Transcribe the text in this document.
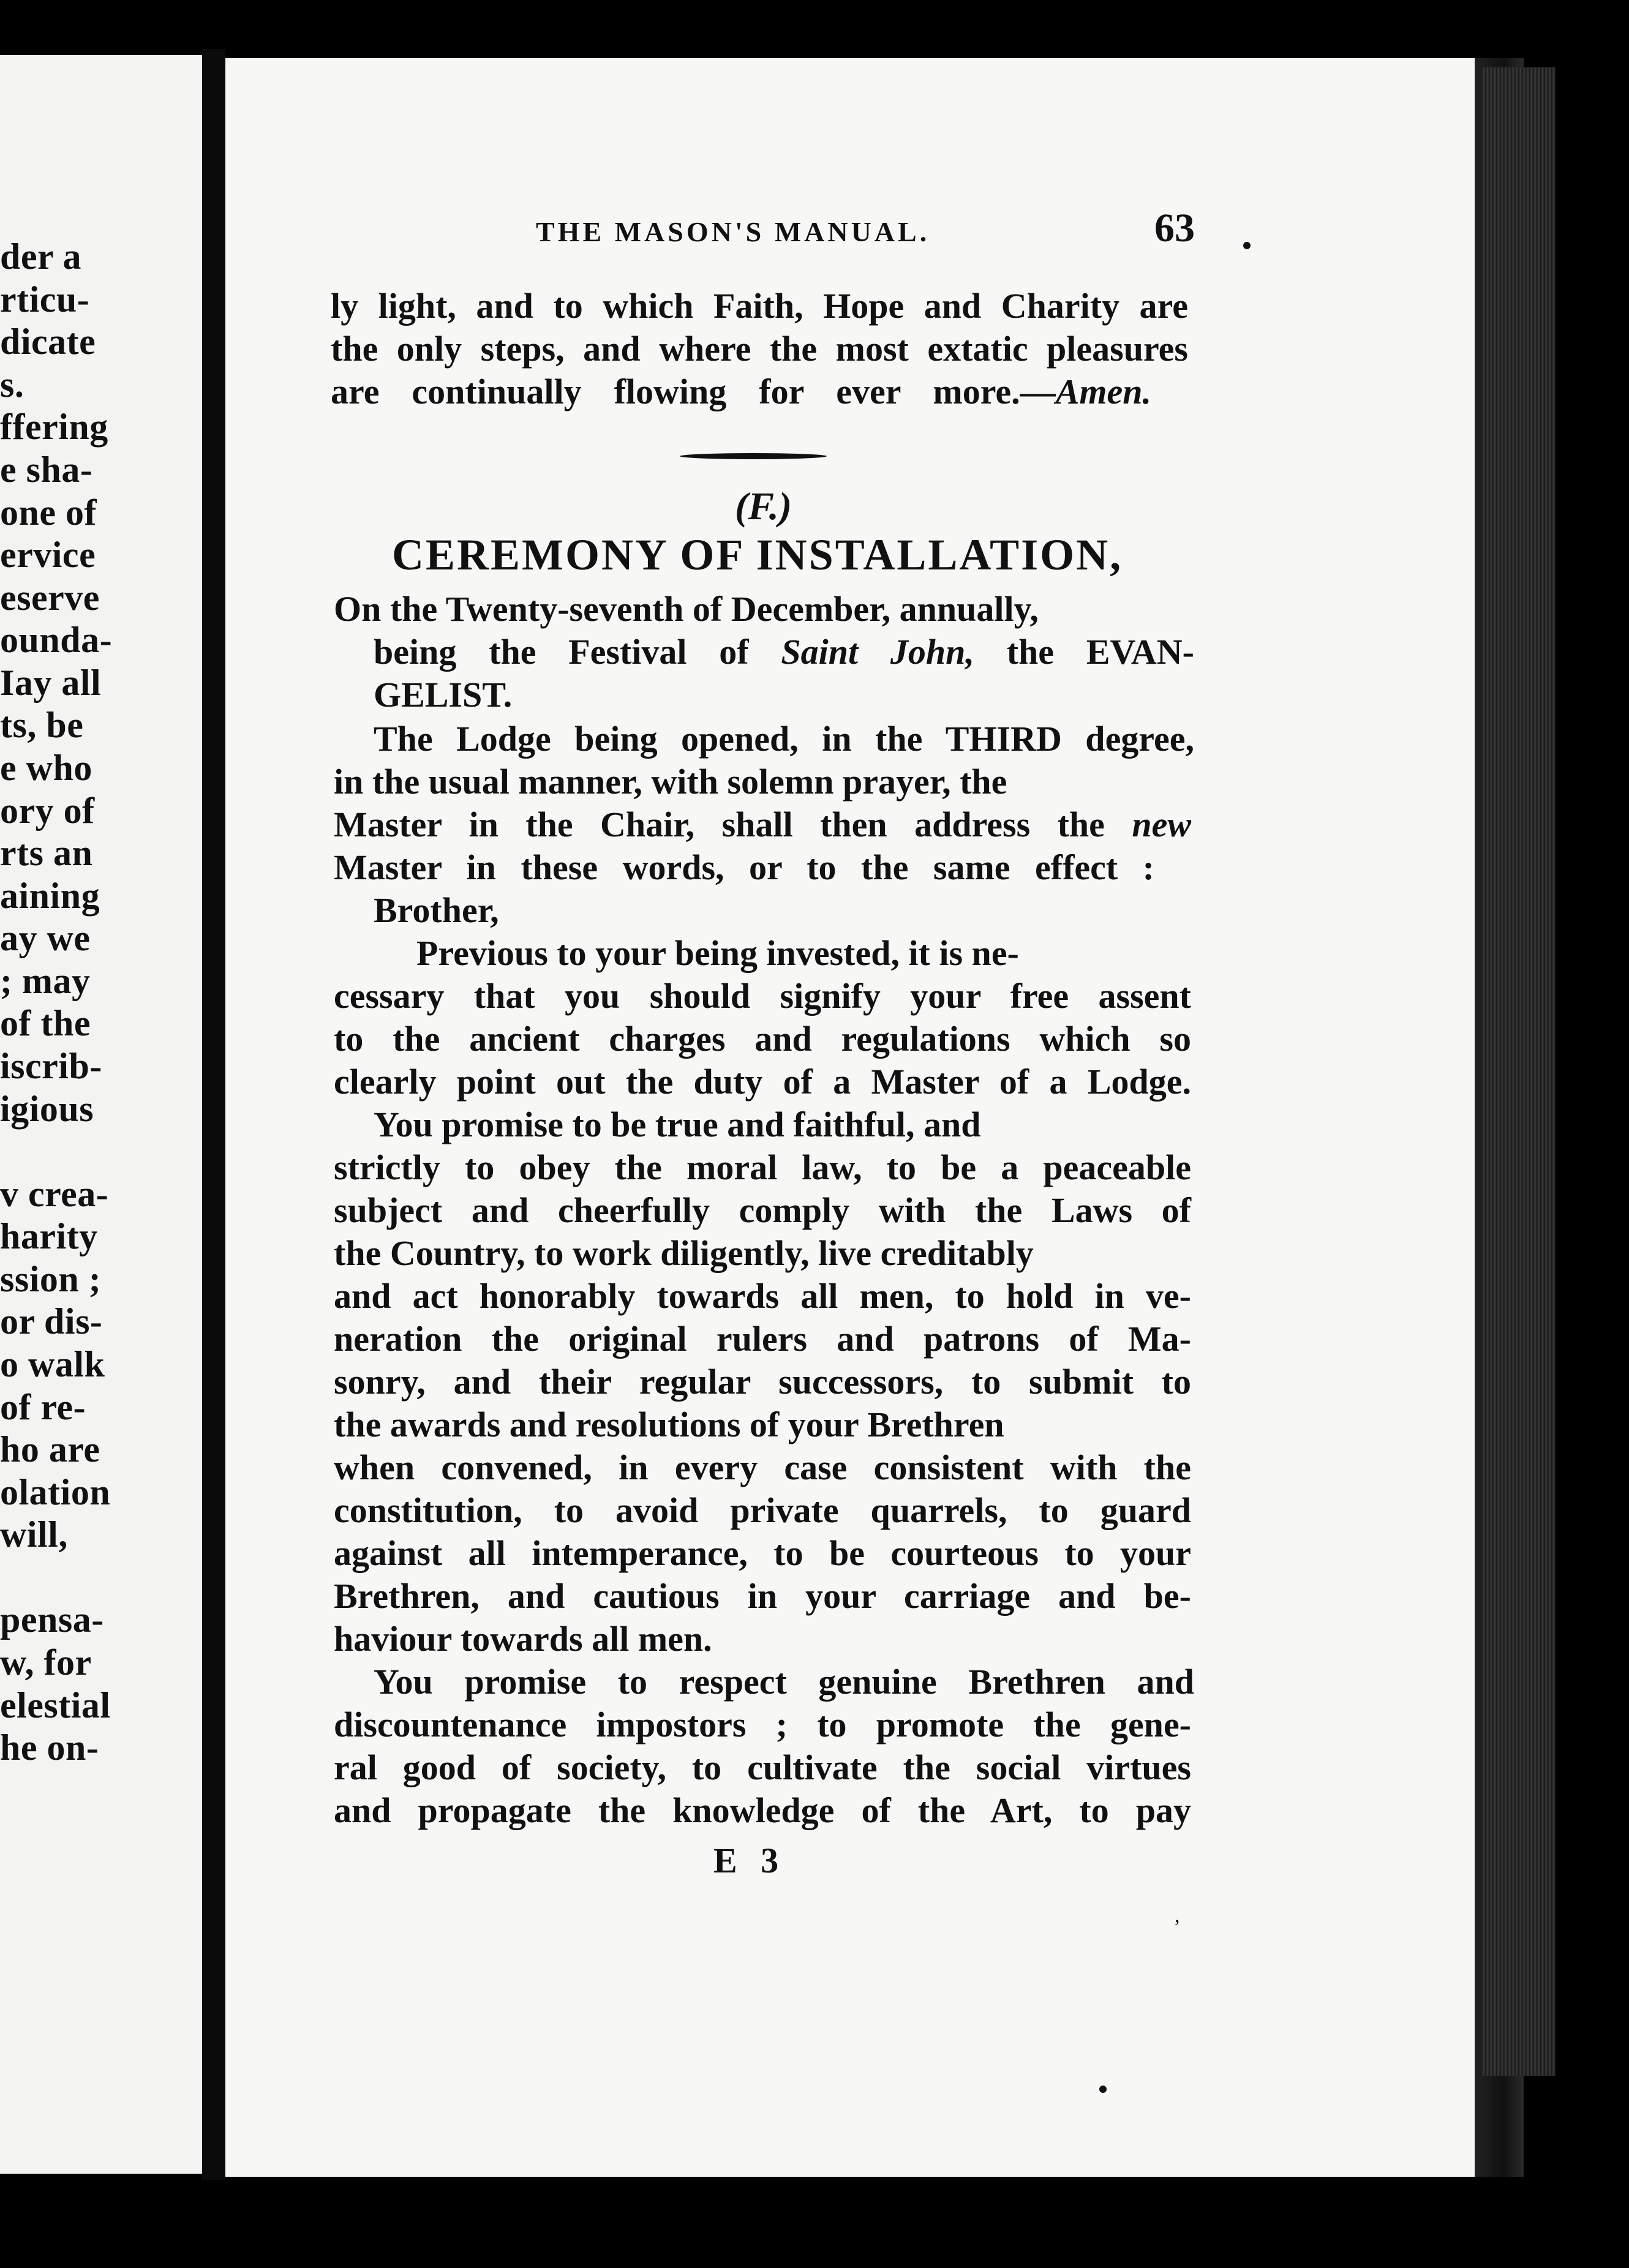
der a
rticu-
dicate
s.
ffering
e sha-
one of
ervice
eserve
ounda-
Iay all
ts, be
e who
ory of
rts an
aining
ay we
; may
of the
iscrib-
igious
v crea-
harity
ssion ;
or dis-
o walk
of re-
ho are
olation
will,
pensa-
w, for
elestial
he on-
THE MASON'S MANUAL.	63
ly light, and to which Faith, Hope and Charity are
the only steps, and where the most extatic pleasures
are continually flowing for ever more.—Amen.
On the Twenty-seventh of December, annually,
being the Festival of Saint John, the EVAN-
GELIST.
The Lodge being opened, in the THIRD degree,
in the usual manner, with solemn prayer, the
Master in the Chair, shall then address the new
Master in these words, or to the same effect :
Brother,
Previous to your being invested, it is ne-
cessary that you should signify your free assent
to the ancient charges and regulations which so
clearly point out the duty of a Master of a Lodge.
You promise to be true and faithful, and
strictly to obey the moral law, to be a peaceable
subject and cheerfully comply with the Laws of
the Country, to work diligently, live creditably
and act honorably towards all men, to hold in ve-
neration the original rulers and patrons of Ma-
sonry, and their regular successors, to submit to
the awards and resolutions of your Brethren
when convened, in every case consistent with the
constitution, to avoid private quarrels, to guard
against all intemperance, to be courteous to your
Brethren, and cautious in your carriage and be-
haviour towards all men.
You promise to respect genuine Brethren and
discountenance impostors ; to promote the gene-
ral good of society, to cultivate the social virtues
and propagate the knowledge of the Art, to pay
(F.)
CEREMONY OF INSTALLATION,
E 3
,
